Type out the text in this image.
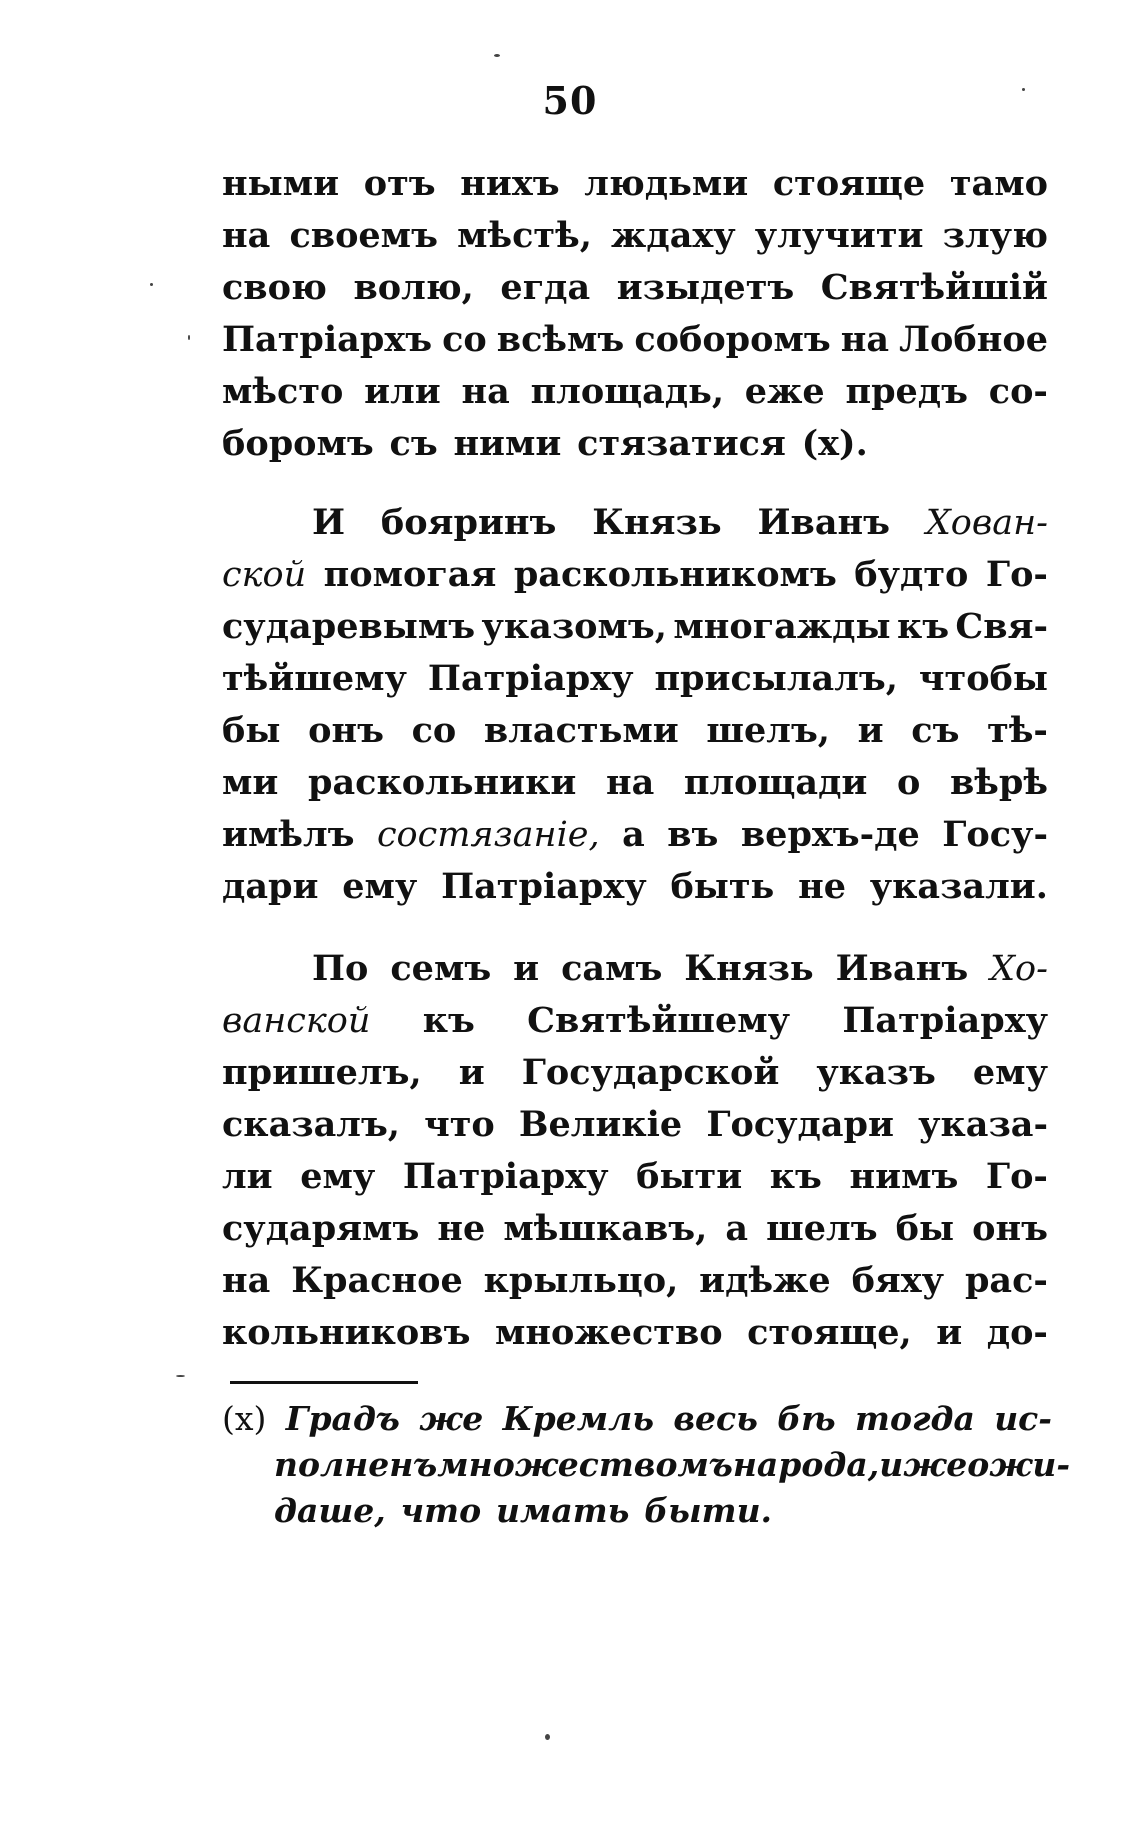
50
ными отъ нихъ людьми стояще тамо
на своемъ мѣстѣ, ждаху улучити злую
свою волю, егда изыдетъ Святѣйшій
Патріархъ со всѣмъ соборомъ на Лобное
мѣсто или на площадь, еже предъ со-
боромъ съ ними стязатися (х).
И бояринъ Князь Иванъ Хован-
ской помогая раскольникомъ будто Го-
сударевымъ указомъ, многажды къ Свя-
тѣйшему Патріарху присылалъ, чтобы
бы онъ со властьми шелъ, и съ тѣ-
ми раскольники на площади о вѣрѣ
имѣлъ состязаніе, а въ верхъ-де Госу-
дари ему Патріарху быть не указали.
По семъ и самъ Князь Иванъ Хо-
ванской къ Святѣйшему Патріарху
пришелъ, и Государской указъ ему
сказалъ, что Великіе Государи указа-
ли ему Патріарху быти къ нимъ Го-
сударямъ не мѣшкавъ, а шелъ бы онъ
на Красное крыльцо, идѣже бяху рас-
кольниковъ множество стояще, и до-
(х) Градъ же Кремль весь бѣ тогда ис-
полненъ множествомъ народа, иже ожи-
даше, что имать быти.
